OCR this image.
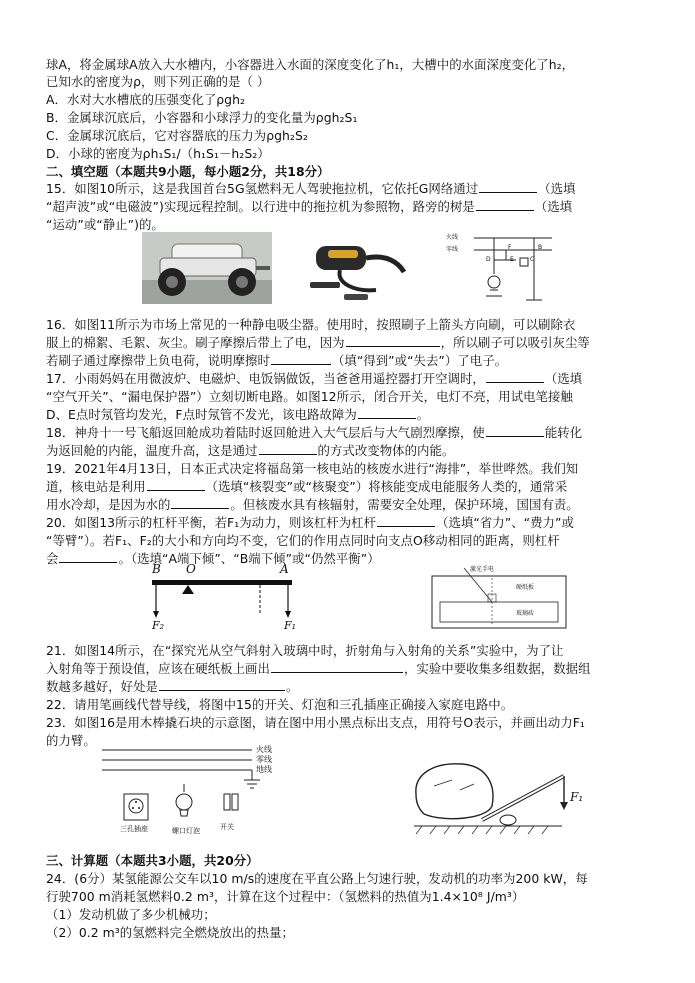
球A，将金属球A放入大水槽内，小容器进入水面的深度变化了h₁，大槽中的水面深度变化了h₂，
已知水的密度为ρ，则下列正确的是（ ）
A．水对大水槽底的压强变化了ρgh₂
B．金属球沉底后，小容器和小球浮力的变化量为ρgh₂S₁
C．金属球沉底后，它对容器底的压力为ρgh₂S₂
D．小球的密度为ρh₁S₁/（h₁S₁－h₂S₂）
二、填空题（本题共9小题，每小题2分，共18分）
15．如图10所示，这是我国首台5G氢燃料无人驾驶拖拉机，它依托G网络通过	（选填
“超声波”或“电磁波”)实现远程控制。以行进中的拖拉机为参照物，路旁的树是	（选填
“运动”或“静止”)的。
火线
零线
D	E
F
C
B
16．如图11所示为市场上常见的一种静电吸尘器。使用时，按照刷子上箭头方向刷，可以刷除衣
服上的棉絮、毛絮、灰尘。刷子摩擦后带上了电，因为	，所以刷子可以吸引灰尘等
若刷子通过摩擦带上负电荷，说明摩擦时	（填“得到”或“失去”）了电子。
17．小雨妈妈在用微波炉、电磁炉、电饭锅做饭，当爸爸用遥控器打开空调时，	（选填
“空气开关”、“漏电保护器”）立刻切断电路。如图12所示，闭合开关，电灯不亮，用试电笔接触
D、E点时氖管均发光，F点时氖管不发光，该电路故障为	。
18．神舟十一号飞船返回舱成功着陆时返回舱进入大气层后与大气剧烈摩擦，使	能转化
为返回舱的内能，温度升高，这是通过	的方式改变物体的内能。
19．2021年4月13日，日本正式决定将福岛第一核电站的核废水进行“海排”，举世哗然。我们知
道，核电站是利用	（选填“核裂变”或“核聚变”）将核能变成电能服务人类的，通常采
用水冷却，是因为水的	。但核废水具有核辐射，需要安全处理，保护环境，国国有责。
20．如图13所示的杠杆平衡，若F₁为动力，则该杠杆为杠杆	（选填“省力”、“费力”或
“等臂”）。若F₁、F₂的大小和方向均不变，它们的作用点同时向支点O移动相同的距离，则杠杆
会	。（选填“A端下倾”、“B端下倾”或“仍然平衡”）
B O	A
F₂	F₁
激光手电
硬纸板
玻璃砖
21．如图14所示，在“探究光从空气斜射入玻璃中时，折射角与入射角的关系”实验中，为了让
入射角等于预设值，应该在硬纸板上画出	，实验中要收集多组数据，数据组
数越多越好，好处是	。
22．请用笔画线代替导线，将图中15的开关、灯泡和三孔插座正确接入家庭电路中。
23．如图16是用木棒撬石块的示意图，请在图中用小黑点标出支点，用符号O表示，并画出动力F₁
的力臂。
火线
零线
地线
三孔插座	螺口灯泡	开关
F₁
三、计算题（本题共3小题，共20分）
24．(6分）某氢能源公交车以10 m/s的速度在平直公路上匀速行驶，发动机的功率为200 kW，每
行驶700 m消耗氢燃料0.2 m³，计算在这个过程中：（氢燃料的热值为1.4×10⁸ J/m³）
（1）发动机做了多少机械功；
（2）0.2 m³的氢燃料完全燃烧放出的热量；
